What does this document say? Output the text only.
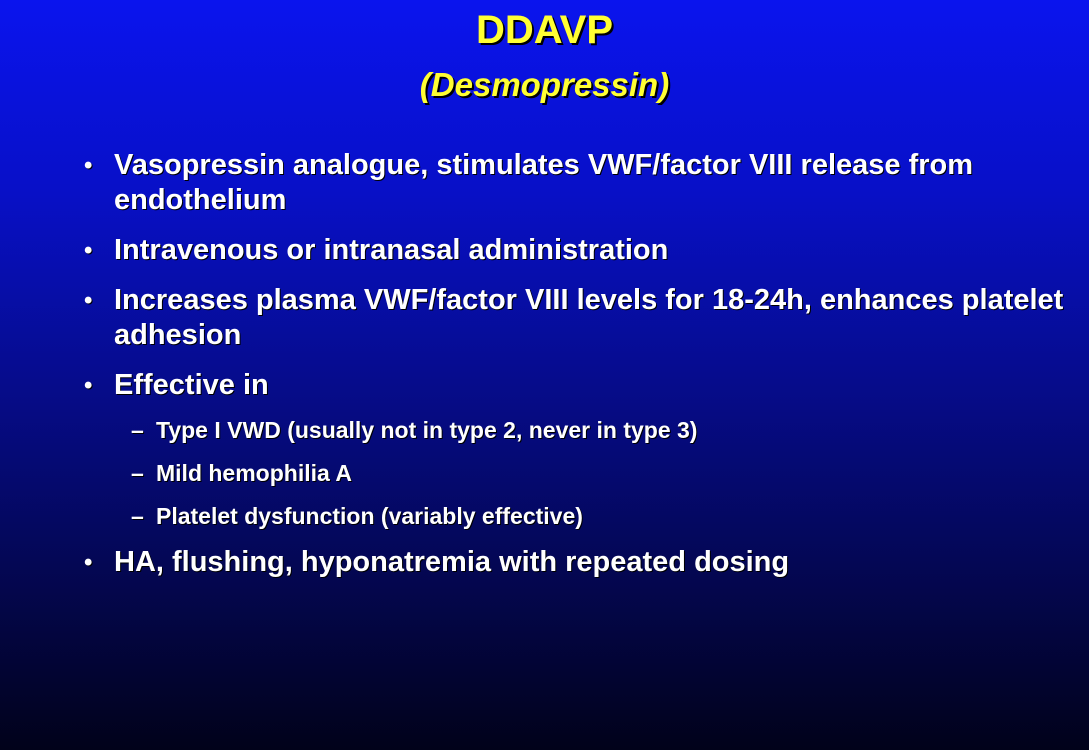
DDAVP
(Desmopressin)
• Vasopressin analogue, stimulates VWF/factor VIII release from endothelium
• Intravenous or intranasal administration
• Increases plasma VWF/factor VIII levels for 18-24h, enhances platelet adhesion
• Effective in
– Type I VWD (usually not in type 2, never in type 3)
– Mild hemophilia A
– Platelet dysfunction (variably effective)
• HA, flushing, hyponatremia with repeated dosing
